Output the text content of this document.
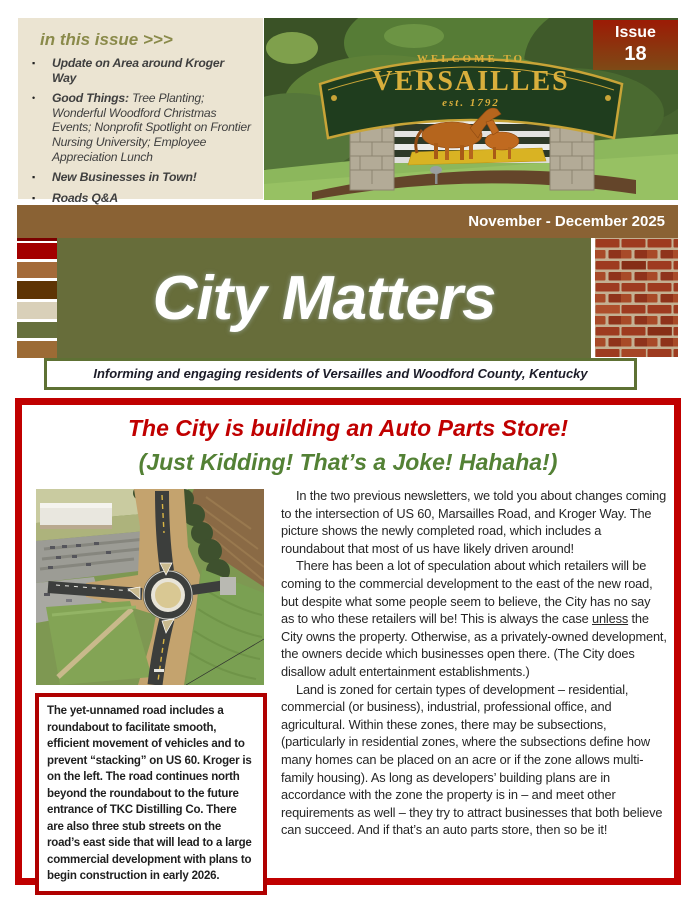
in this issue >>>
▪	Update on Area around Kroger Way
•	Good Things: Tree Planting; Wonderful Woodford Christmas Events; Nonprofit Spotlight on Frontier Nursing University; Employee Appreciation Lunch
▪	New Businesses in Town!
▪	Roads Q&A
WELCOME TO
VERSAILLES
est. 1792
Issue
18
November - December 2025
City Matters
Informing and engaging residents of Versailles and Woodford County, Kentucky
The City is building an Auto Parts Store!
(Just Kidding! That’s a Joke! Hahaha!)
The yet-unnamed road includes a roundabout to facilitate smooth, efficient movement of vehicles and to prevent “stacking” on US 60. Kroger is on the left. The road continues north beyond the roundabout to the future entrance of TKC Distilling Co. There are also three stub streets on the road’s east side that will lead to a large commercial development with plans to begin construction in early 2026.

In the two previous newsletters, we told you about changes coming to the intersection of US 60, Marsailles Road, and Kroger Way. The picture shows the newly completed road, which includes a roundabout that most of us have likely driven around!

There has been a lot of speculation about which retailers will be coming to the commercial development to the east of the new road, but despite what some people seem to believe, the City has no say as to who these retailers will be! This is always the case unless the City owns the property. Otherwise, as a privately-owned development, the owners decide which businesses open there. (The City does disallow adult entertainment establishments.)

Land is zoned for certain types of development – residential, commercial (or business), industrial, professional office, and agricultural. Within these zones, there may be subsections, (particularly in residential zones, where the subsections define how many homes can be placed on an acre or if the zone allows multi-family housing). As long as developers’ building plans are in accordance with the zone the property is in – and meet other requirements as well – they try to attract businesses that both believe can succeed. And if that’s an auto parts store, then so be it!
